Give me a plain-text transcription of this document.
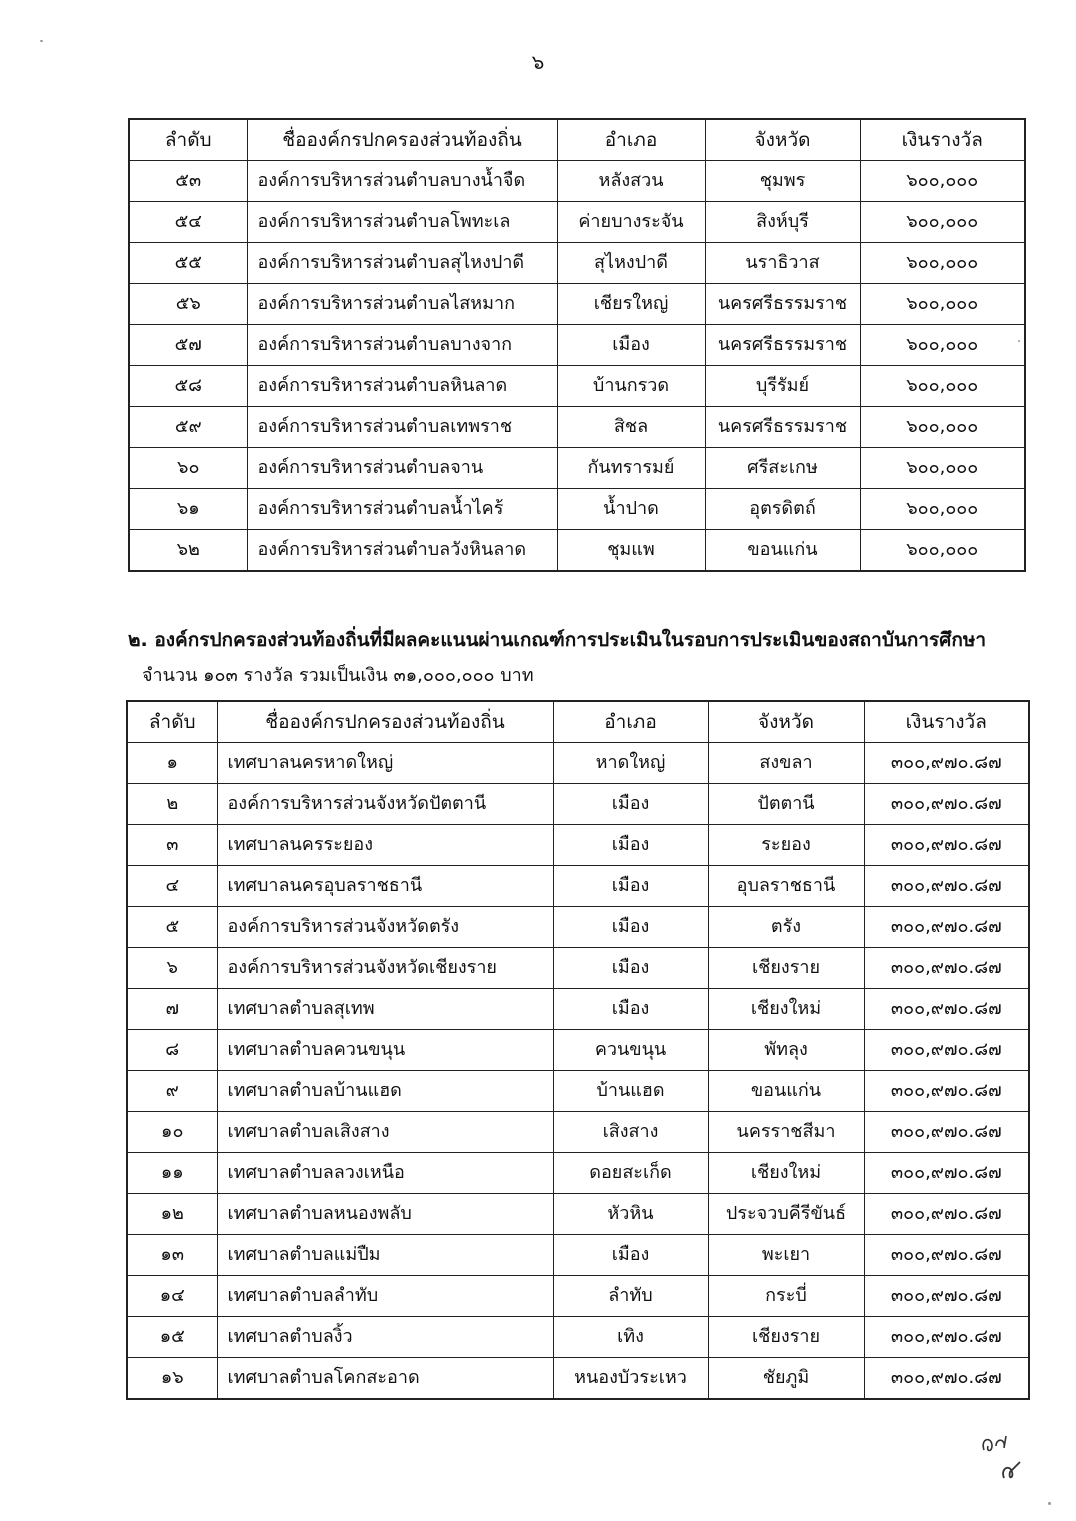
๖
ลำดับ	ชื่อองค์กรปกครองส่วนท้องถิ่น	อำเภอ	จังหวัด	เงินรางวัล
๕๓	องค์การบริหารส่วนตำบลบางน้ำจืด	หลังสวน	ชุมพร	๖๐๐,๐๐๐
๕๔	องค์การบริหารส่วนตำบลโพทะเล	ค่ายบางระจัน	สิงห์บุรี	๖๐๐,๐๐๐
๕๕	องค์การบริหารส่วนตำบลสุไหงปาดี	สุไหงปาดี	นราธิวาส	๖๐๐,๐๐๐
๕๖	องค์การบริหารส่วนตำบลไสหมาก	เชียรใหญ่	นครศรีธรรมราช	๖๐๐,๐๐๐
๕๗	องค์การบริหารส่วนตำบลบางจาก	เมือง	นครศรีธรรมราช	๖๐๐,๐๐๐
๕๘	องค์การบริหารส่วนตำบลหินลาด	บ้านกรวด	บุรีรัมย์	๖๐๐,๐๐๐
๕๙	องค์การบริหารส่วนตำบลเทพราช	สิชล	นครศรีธรรมราช	๖๐๐,๐๐๐
๖๐	องค์การบริหารส่วนตำบลจาน	กันทรารมย์	ศรีสะเกษ	๖๐๐,๐๐๐
๖๑	องค์การบริหารส่วนตำบลน้ำไคร้	น้ำปาด	อุตรดิตถ์	๖๐๐,๐๐๐
๖๒	องค์การบริหารส่วนตำบลวังหินลาด	ชุมแพ	ขอนแก่น	๖๐๐,๐๐๐
๒. องค์กรปกครองส่วนท้องถิ่นที่มีผลคะแนนผ่านเกณฑ์การประเมินในรอบการประเมินของสถาบันการศึกษา
จำนวน ๑๐๓ รางวัล รวมเป็นเงิน ๓๑,๐๐๐,๐๐๐ บาท
ลำดับ	ชื่อองค์กรปกครองส่วนท้องถิ่น	อำเภอ	จังหวัด	เงินรางวัล
๑	เทศบาลนครหาดใหญ่	หาดใหญ่	สงขลา	๓๐๐,๙๗๐.๘๗
๒	องค์การบริหารส่วนจังหวัดปัตตานี	เมือง	ปัตตานี	๓๐๐,๙๗๐.๘๗
๓	เทศบาลนครระยอง	เมือง	ระยอง	๓๐๐,๙๗๐.๘๗
๔	เทศบาลนครอุบลราชธานี	เมือง	อุบลราชธานี	๓๐๐,๙๗๐.๘๗
๕	องค์การบริหารส่วนจังหวัดตรัง	เมือง	ตรัง	๓๐๐,๙๗๐.๘๗
๖	องค์การบริหารส่วนจังหวัดเชียงราย	เมือง	เชียงราย	๓๐๐,๙๗๐.๘๗
๗	เทศบาลตำบลสุเทพ	เมือง	เชียงใหม่	๓๐๐,๙๗๐.๘๗
๘	เทศบาลตำบลควนขนุน	ควนขนุน	พัทลุง	๓๐๐,๙๗๐.๘๗
๙	เทศบาลตำบลบ้านแฮด	บ้านแฮด	ขอนแก่น	๓๐๐,๙๗๐.๘๗
๑๐	เทศบาลตำบลเสิงสาง	เสิงสาง	นครราชสีมา	๓๐๐,๙๗๐.๘๗
๑๑	เทศบาลตำบลลวงเหนือ	ดอยสะเก็ด	เชียงใหม่	๓๐๐,๙๗๐.๘๗
๑๒	เทศบาลตำบลหนองพลับ	หัวหิน	ประจวบคีรีขันธ์	๓๐๐,๙๗๐.๘๗
๑๓	เทศบาลตำบลแม่ปืม	เมือง	พะเยา	๓๐๐,๙๗๐.๘๗
๑๔	เทศบาลตำบลลำทับ	ลำทับ	กระบี่	๓๐๐,๙๗๐.๘๗
๑๕	เทศบาลตำบลงิ้ว	เทิง	เชียงราย	๓๐๐,๙๗๐.๘๗
๑๖	เทศบาลตำบลโคกสะอาด	หนองบัวระเหว	ชัยภูมิ	๓๐๐,๙๗๐.๘๗
